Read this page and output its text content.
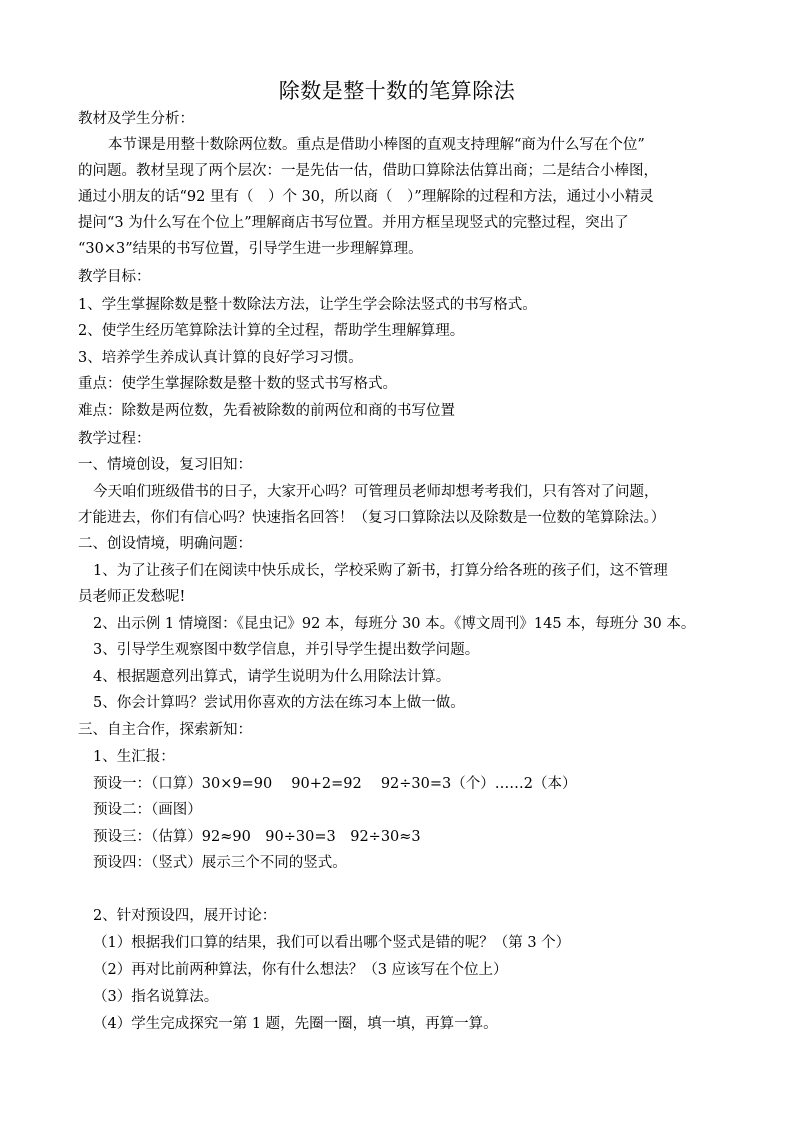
除数是整十数的笔算除法
教材及学生分析：
本节课是用整十数除两位数。重点是借助小棒图的直观支持理解“商为什么写在个位”
的问题。教材呈现了两个层次：一是先估一估，借助口算除法估算出商；二是结合小棒图，
通过小朋友的话“92 里有（　）个 30，所以商（　）”理解除的过程和方法，通过小小精灵
提问“3 为什么写在个位上”理解商店书写位置。并用方框呈现竖式的完整过程，突出了
“30×3”结果的书写位置，引导学生进一步理解算理。
教学目标：
1、学生掌握除数是整十数除法方法，让学生学会除法竖式的书写格式。
2、使学生经历笔算除法计算的全过程，帮助学生理解算理。
3、培养学生养成认真计算的良好学习习惯。
重点：使学生掌握除数是整十数的竖式书写格式。
难点：除数是两位数，先看被除数的前两位和商的书写位置
教学过程：
一、情境创设，复习旧知：
今天咱们班级借书的日子，大家开心吗？可管理员老师却想考考我们，只有答对了问题，
才能进去，你们有信心吗？快速指名回答！（复习口算除法以及除数是一位数的笔算除法。）
二、创设情境，明确问题：
1、为了让孩子们在阅读中快乐成长，学校采购了新书，打算分给各班的孩子们，这不管理
员老师正发愁呢!
2、出示例 1 情境图：《昆虫记》92 本，每班分 30 本。《博文周刊》145 本，每班分 30 本。
3、引导学生观察图中数学信息，并引导学生提出数学问题。
4、根据题意列出算式，请学生说明为什么用除法计算。
5、你会计算吗？尝试用你喜欢的方法在练习本上做一做。
三、自主合作，探索新知：
1、生汇报：
预设一：（口算）30×9=90　 90+2=92　 92÷30=3（个）……2（本）
预设二：（画图）
预设三：（估算）92≈90　90÷30=3　92÷30≈3
预设四：（竖式）展示三个不同的竖式。
2、针对预设四，展开讨论：
（1）根据我们口算的结果，我们可以看出哪个竖式是错的呢？（第 3 个）
（2）再对比前两种算法，你有什么想法？（3 应该写在个位上）
（3）指名说算法。
（4）学生完成探究一第 1 题，先圈一圈，填一填，再算一算。
